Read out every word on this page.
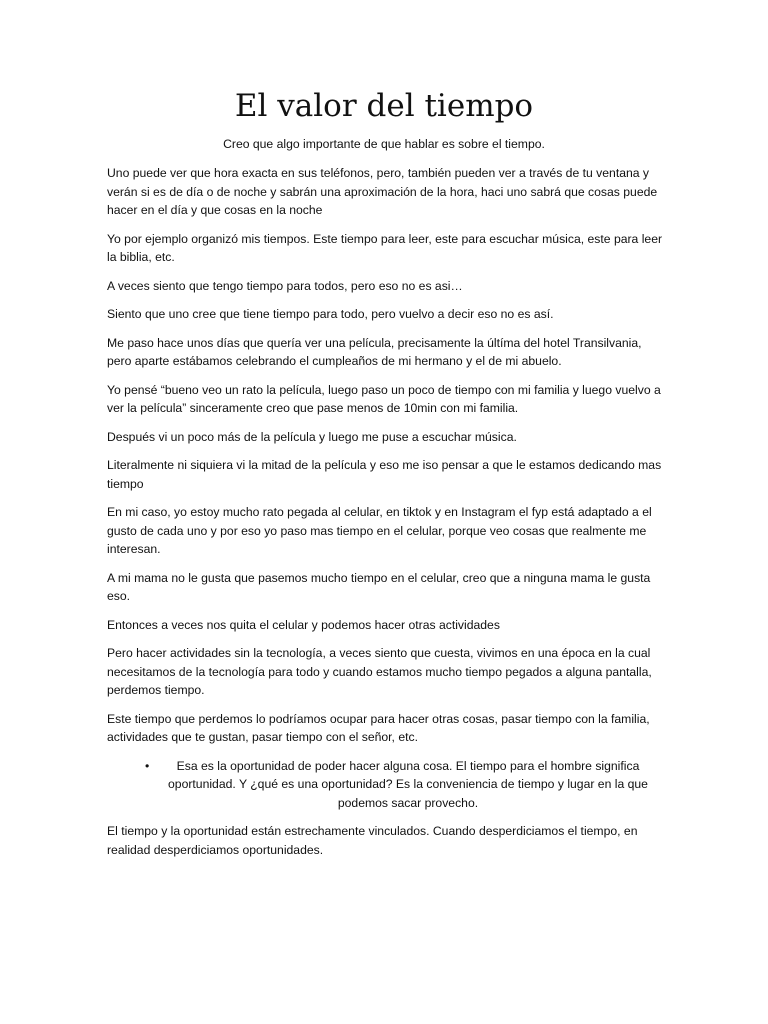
El valor del tiempo

Creo que algo importante de que hablar es sobre el tiempo.

Uno puede ver que hora exacta en sus teléfonos, pero, también pueden ver a través de tu ventana y verán si es de día o de noche y sabrán una aproximación de la hora, haci uno sabrá que cosas puede hacer en el día y que cosas en la noche

Yo por ejemplo organizó mis tiempos. Este tiempo para leer, este para escuchar música, este para leer la biblia, etc.

A veces siento que tengo tiempo para todos, pero eso no es asi…

Siento que uno cree que tiene tiempo para todo, pero vuelvo a decir eso no es así.

Me paso hace unos días que quería ver una película, precisamente la últíma del hotel Transilvania, pero aparte estábamos celebrando el cumpleaños de mi hermano y el de mi abuelo.

Yo pensé “bueno veo un rato la película, luego paso un poco de tiempo con mi familia y luego vuelvo a ver la película” sinceramente creo que pase menos de 10min con mi familia.

Después vi un poco más de la película y luego me puse a escuchar música.

Literalmente ni siquiera vi la mitad de la película y eso me iso pensar a que le estamos dedicando mas tiempo

En mi caso, yo estoy mucho rato pegada al celular, en tiktok y en Instagram el fyp está adaptado a el gusto de cada uno y por eso yo paso mas tiempo en el celular, porque veo cosas que realmente me interesan.

A mi mama no le gusta que pasemos mucho tiempo en el celular, creo que a ninguna mama le gusta eso.

Entonces a veces nos quita el celular y podemos hacer otras actividades

Pero hacer actividades sin la tecnología, a veces siento que cuesta, vivimos en una época en la cual necesitamos de la tecnología para todo y cuando estamos mucho tiempo pegados a alguna pantalla, perdemos tiempo.

Este tiempo que perdemos lo podríamos ocupar para hacer otras cosas, pasar tiempo con la familia, actividades que te gustan, pasar tiempo con el señor, etc.

•	Esa es la oportunidad de poder hacer alguna cosa. El tiempo para el hombre significa oportunidad. Y ¿qué es una oportunidad? Es la conveniencia de tiempo y lugar en la que podemos sacar provecho.

El tiempo y la oportunidad están estrechamente vinculados. Cuando desperdiciamos el tiempo, en realidad desperdiciamos oportunidades.
